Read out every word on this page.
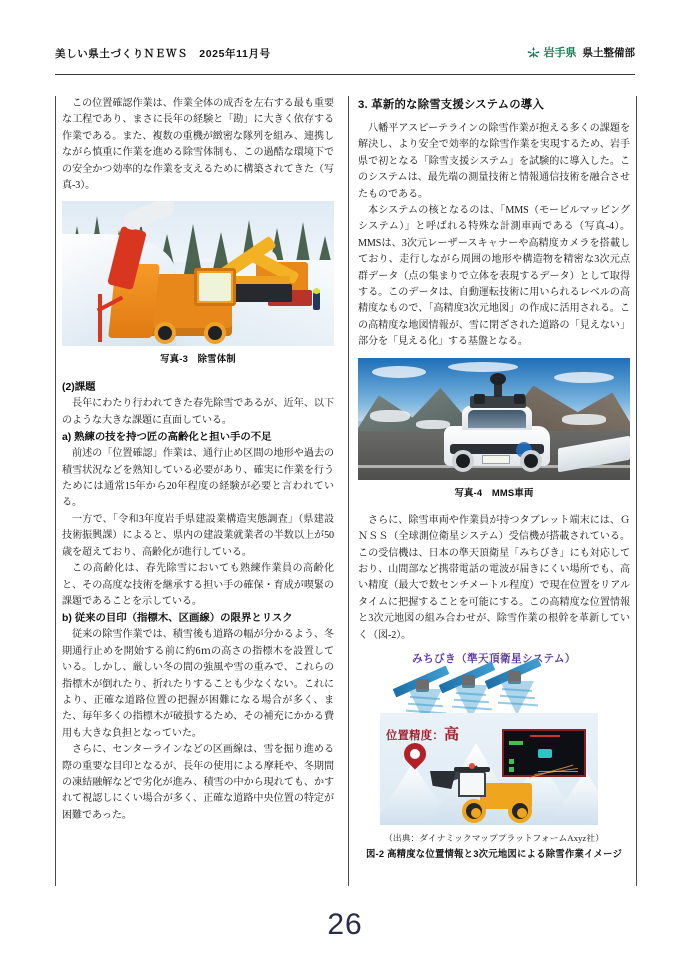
美しい県土づくりＮＥＷＳ　2025年11月号	岩手県 県土整備部

この位置確認作業は、作業全体の成否を左右する最も重要な工程であり、まさに長年の経験と「勘」に大きく依存する作業である。また、複数の重機が緻密な隊列を組み、連携しながら慎重に作業を進める除雪体制も、この過酷な環境下での安全かつ効率的な作業を支えるために構築されてきた（写真-3）。

写真-3　除雪体制
(2)課題

長年にわたり行われてきた春先除雪であるが、近年、以下のような大きな課題に直面している。

a) 熟練の技を持つ匠の高齢化と担い手の不足

前述の「位置確認」作業は、通行止め区間の地形や過去の積雪状況などを熟知している必要があり、確実に作業を行うためには通常15年から20年程度の経験が必要と言われている。

一方で、「令和3年度岩手県建設業構造実態調査」（県建設技術振興課）によると、県内の建設業就業者の半数以上が50歳を超えており、高齢化が進行している。

この高齢化は、春先除雪においても熟練作業員の高齢化と、その高度な技術を継承する担い手の確保・育成が喫緊の課題であることを示している。

b) 従来の目印（指標木、区画線）の限界とリスク

従来の除雪作業では、積雪後も道路の幅が分かるよう、冬期通行止めを開始する前に約6ｍの高さの指標木を設置している。しかし、厳しい冬の間の強風や雪の重みで、これらの指標木が倒れたり、折れたりすることも少なくない。これにより、正確な道路位置の把握が困難になる場合が多く、また、毎年多くの指標木が破損するため、その補充にかかる費用も大きな負担となっていた。

さらに、センターラインなどの区画線は、雪を掘り進める際の重要な目印となるが、長年の使用による摩耗や、冬期間の凍結融解などで劣化が進み、積雪の中から現れても、かすれて視認しにくい場合が多く、正確な道路中央位置の特定が困難であった。

3. 革新的な除雪支援システムの導入

八幡平アスピーテラインの除雪作業が抱える多くの課題を解決し、より安全で効率的な除雪作業を実現するため、岩手県で初となる「除雪支援システム」を試験的に導入した。このシステムは、最先端の測量技術と情報通信技術を融合させたものである。

本システムの核となるのは、「MMS（モービルマッピングシステム）」と呼ばれる特殊な計測車両である（写真-4）。MMSは、3次元レーザースキャナーや高精度カメラを搭載しており、走行しながら周囲の地形や構造物を精密な3次元点群データ（点の集まりで立体を表現するデータ）として取得する。このデータは、自動運転技術に用いられるレベルの高精度なもので、「高精度3次元地図」の作成に活用される。この高精度な地図情報が、雪に閉ざされた道路の「見えない」部分を「見える化」する基盤となる。

写真-4　MMS車両

さらに、除雪車両や作業員が持つタブレット端末には、ＧＮＳＳ（全球測位衛星システム）受信機が搭載されている。この受信機は、日本の準天頂衛星「みちびき」にも対応しており、山間部など携帯電話の電波が届きにくい場所でも、高い精度（最大で数センチメートル程度）で現在位置をリアルタイムに把握することを可能にする。この高精度な位置情報と3次元地図の組み合わせが、除雪作業の根幹を革新していく（図-2）。

みちびき（準天頂衛星システム）
位置精度：高
（出典：ダイナミックマッププラットフォームAxyz社）
図-2 高精度な位置情報と3次元地図による除雪作業イメージ
26
